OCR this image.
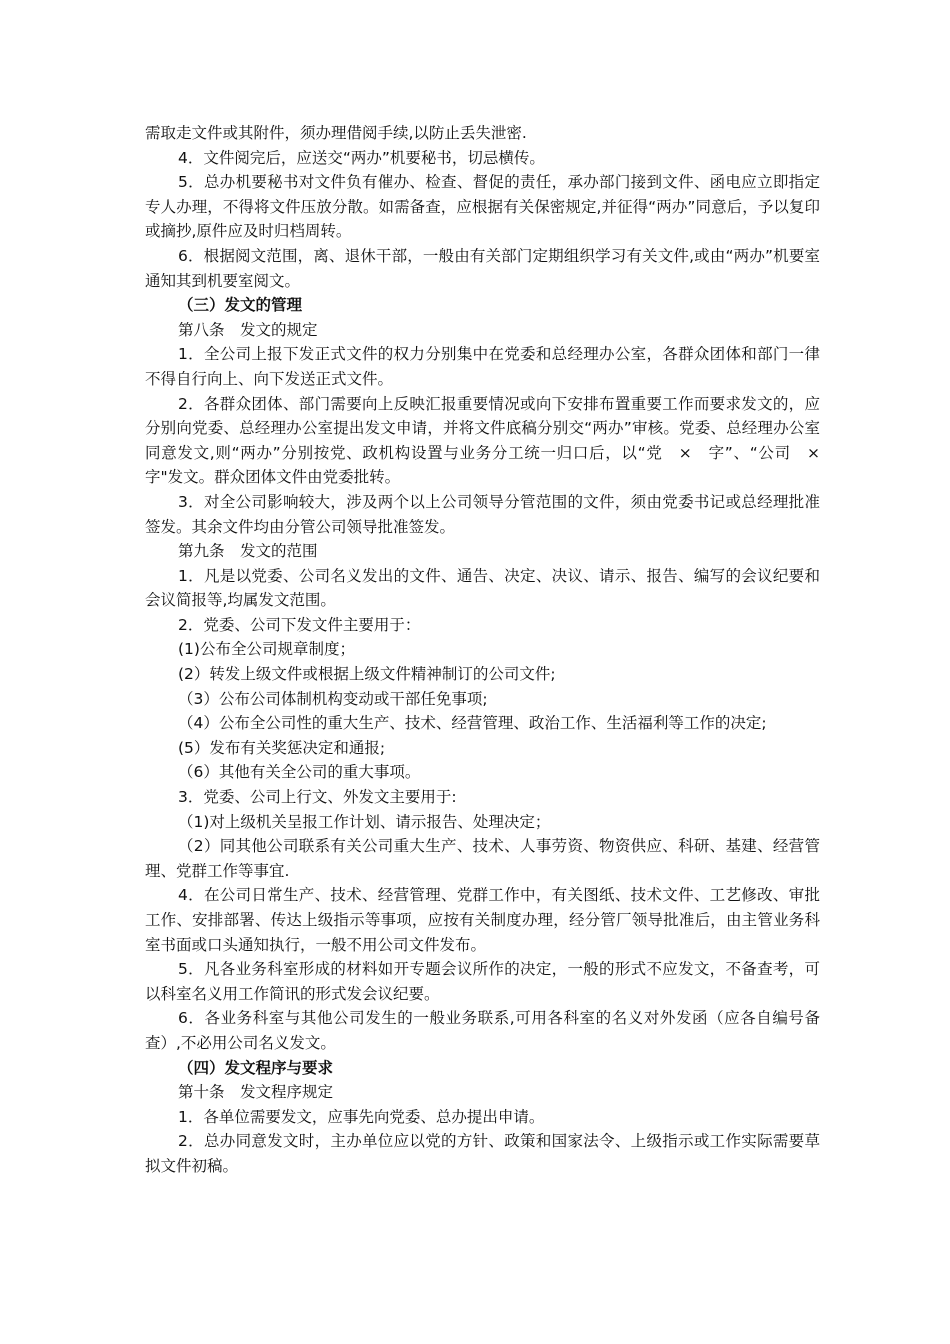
需取走文件或其附件，须办理借阅手续,以防止丢失泄密.

4．文件阅完后，应送交“两办”机要秘书，切忌横传。

5．总办机要秘书对文件负有催办、检查、督促的责任，承办部门接到文件、函电应立即指定专人办理，不得将文件压放分散。如需备查，应根据有关保密规定,并征得“两办”同意后，予以复印或摘抄,原件应及时归档周转。

6．根据阅文范围，离、退休干部，一般由有关部门定期组织学习有关文件,或由“两办”机要室通知其到机要室阅文。

（三）发文的管理

第八条　发文的规定

1．全公司上报下发正式文件的权力分别集中在党委和总经理办公室，各群众团体和部门一律不得自行向上、向下发送正式文件。

2．各群众团体、部门需要向上反映汇报重要情况或向下安排布置重要工作而要求发文的，应分别向党委、总经理办公室提出发文申请，并将文件底稿分别交“两办”审核。党委、总经理办公室同意发文,则“两办”分别按党、政机构设置与业务分工统一归口后，以“党　×　字”、“公司　×　字"发文。群众团体文件由党委批转。

3．对全公司影响较大，涉及两个以上公司领导分管范围的文件，须由党委书记或总经理批准签发。其余文件均由分管公司领导批准签发。

第九条　发文的范围

1．凡是以党委、公司名义发出的文件、通告、决定、决议、请示、报告、编写的会议纪要和会议简报等,均属发文范围。

2．党委、公司下发文件主要用于：

(1)公布全公司规章制度；

(2）转发上级文件或根据上级文件精神制订的公司文件;

（3）公布公司体制机构变动或干部任免事项;

（4）公布全公司性的重大生产、技术、经营管理、政治工作、生活福利等工作的决定;

(5）发布有关奖惩决定和通报;

（6）其他有关全公司的重大事项。

3．党委、公司上行文、外发文主要用于:

（1)对上级机关呈报工作计划、请示报告、处理决定；

（2）同其他公司联系有关公司重大生产、技术、人事劳资、物资供应、科研、基建、经营管理、党群工作等事宜.

4．在公司日常生产、技术、经营管理、党群工作中，有关图纸、技术文件、工艺修改、审批工作、安排部署、传达上级指示等事项，应按有关制度办理，经分管厂领导批准后，由主管业务科室书面或口头通知执行，一般不用公司文件发布。

5．凡各业务科室形成的材料如开专题会议所作的决定，一般的形式不应发文，不备查考，可以科室名义用工作简讯的形式发会议纪要。

6．各业务科室与其他公司发生的一般业务联系,可用各科室的名义对外发函（应各自编号备查）,不必用公司名义发文。

（四）发文程序与要求

第十条　发文程序规定

1．各单位需要发文，应事先向党委、总办提出申请。

2．总办同意发文时，主办单位应以党的方针、政策和国家法令、上级指示或工作实际需要草拟文件初稿。
